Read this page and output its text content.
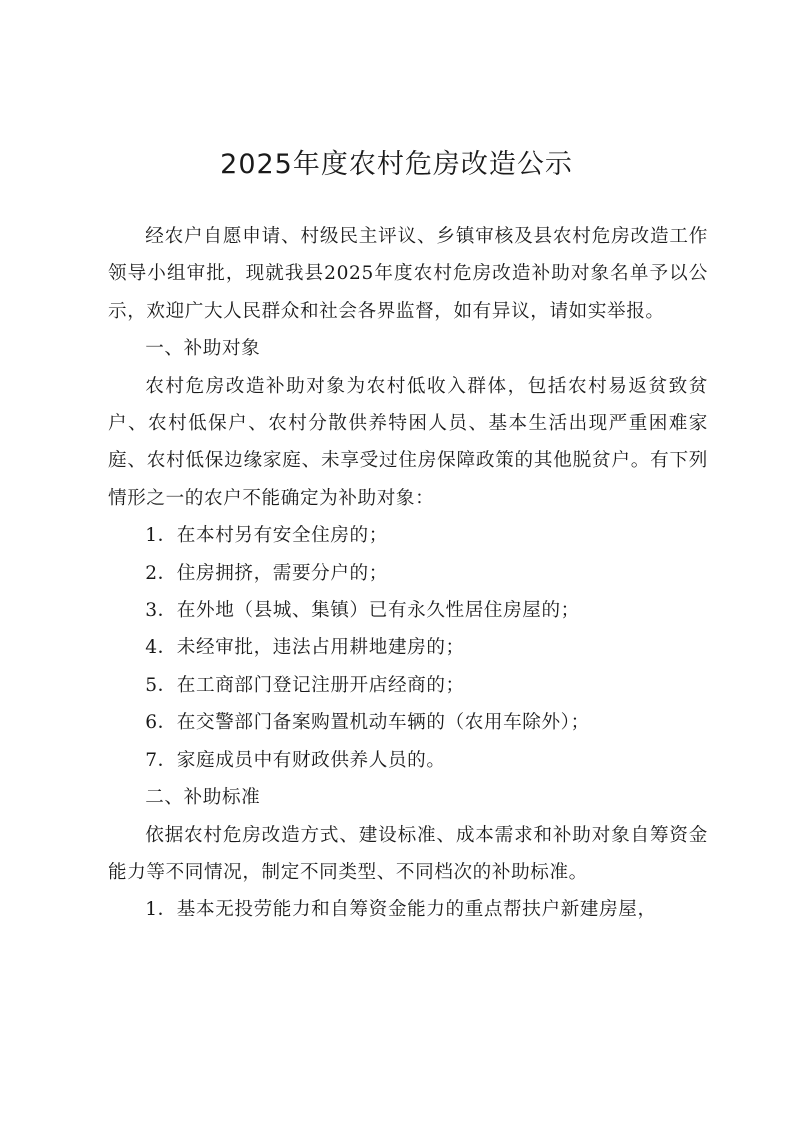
2025年度农村危房改造公示

经农户自愿申请、村级民主评议、乡镇审核及县农村危房改造工作领导小组审批，现就我县2025年度农村危房改造补助对象名单予以公示，欢迎广大人民群众和社会各界监督，如有异议，请如实举报。

一、补助对象

农村危房改造补助对象为农村低收入群体，包括农村易返贫致贫户、农村低保户、农村分散供养特困人员、基本生活出现严重困难家庭、农村低保边缘家庭、未享受过住房保障政策的其他脱贫户。有下列情形之一的农户不能确定为补助对象：

1．在本村另有安全住房的；

2．住房拥挤，需要分户的；

3．在外地（县城、集镇）已有永久性居住房屋的；

4．未经审批，违法占用耕地建房的；

5．在工商部门登记注册开店经商的；

6．在交警部门备案购置机动车辆的（农用车除外）；

7．家庭成员中有财政供养人员的。

二、补助标准

依据农村危房改造方式、建设标准、成本需求和补助对象自筹资金能力等不同情况，制定不同类型、不同档次的补助标准。

1．基本无投劳能力和自筹资金能力的重点帮扶户新建房屋，
